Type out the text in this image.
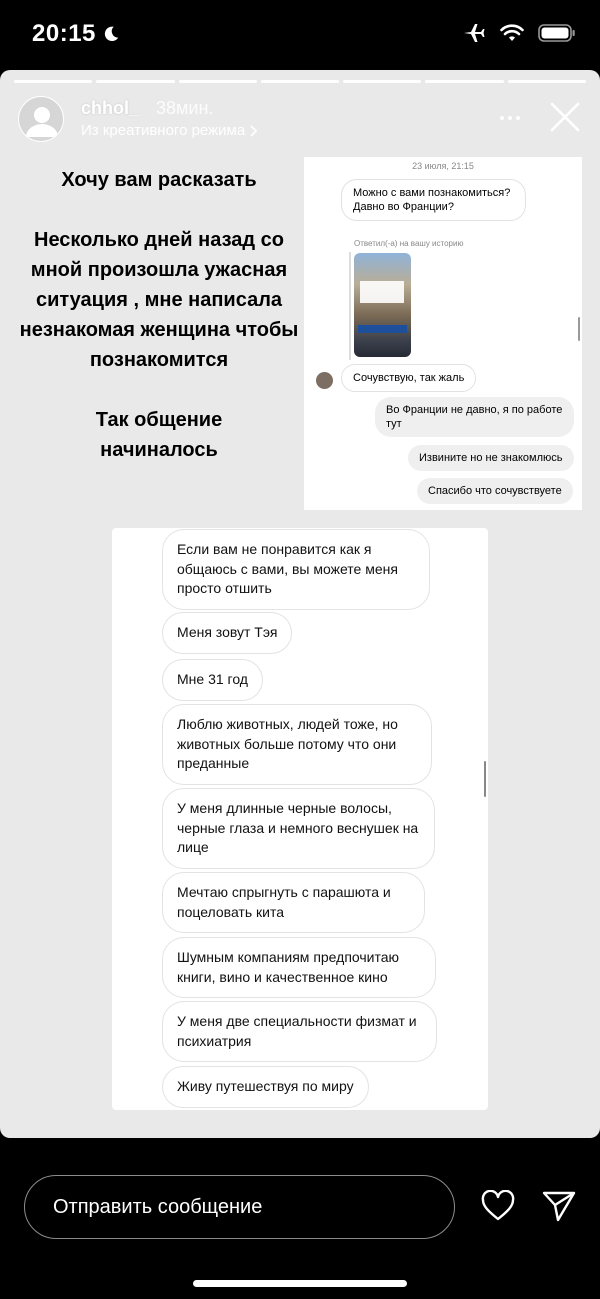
20:15
chhol_ 38мин.
Из креативного режима

Хочу вам расказать

Несколько дней назад со мной произошла ужасная ситуация , мне написала незнакомая женщина чтобы познакомится

Так общение начиналось

23 июля, 21:15
Можно с вами познакомиться? Давно во Франции?
Ответил(-а) на вашу историю
Сочувствую, так жаль
Во Франции не давно, я по работе тут
Извините но не знакомлюсь
Спасибо что сочувствуете
Если вам не понравится как я общаюсь с вами, вы можете меня просто отшить
Меня зовут Тэя
Мне 31 год
Люблю животных, людей тоже, но животных больше потому что они преданные
У меня длинные черные волосы, черные глаза и немного веснушек на лице
Мечтаю спрыгнуть с парашюта и поцеловать кита
Шумным компаниям предпочитаю книги, вино и качественное кино
У меня две специальности физмат и психиатрия
Живу путешествуя по миру
Отправить сообщение
